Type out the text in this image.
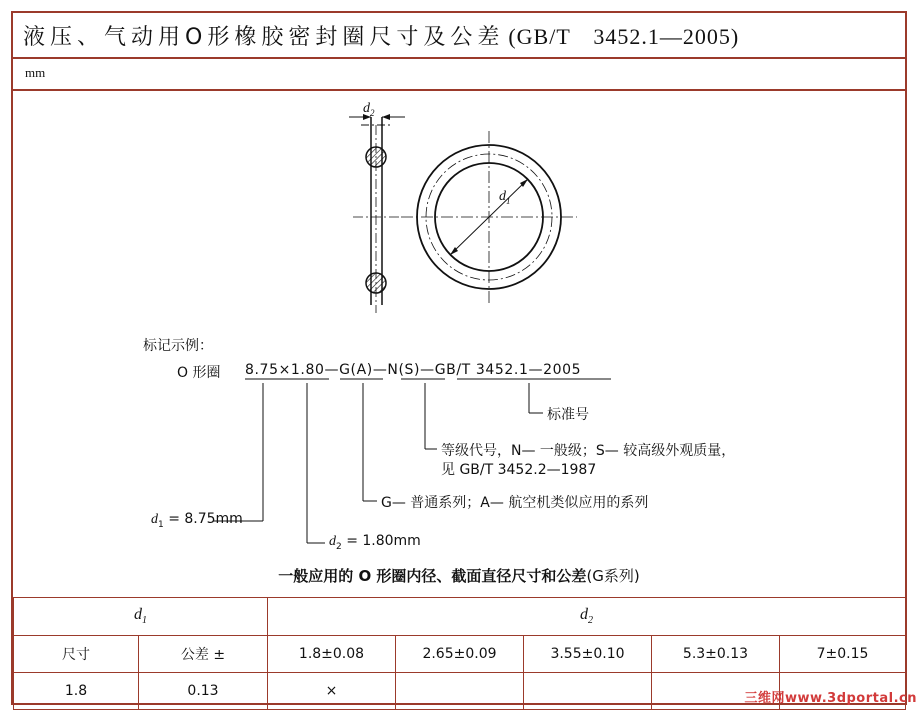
液压、气动用O形橡胶密封圈尺寸及公差 (GB/T　3452.1—2005)
mm
$d_2$
$d_1$
标记示例：
O 形圈 8.75×1.80—G(A)—N(S)—GB/T 3452.1—2005
标准号
等级代号，N— 一般级；S— 较高级外观质量，
见 GB/T 3452.2—1987
G— 普通系列；A— 航空机类似应用的系列
$d_1 = 8.75mm$
$d_2 = 1.80mm$
一般应用的 O 形圈内径、截面直径尺寸和公差(G系列)
$d_1$		$d_2$
尺寸	公差 ±	1.8±0.08	2.65±0.09	3.55±0.10	5.3±0.13	7±0.15
1.8	0.13	×					三维网www.3dportal.cn
